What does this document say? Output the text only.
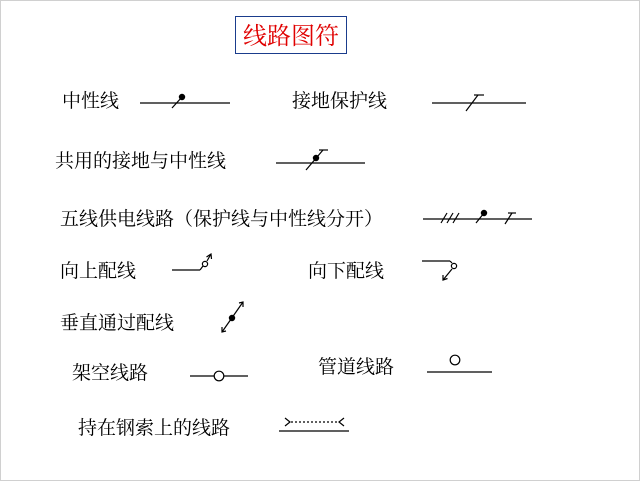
线路图符
中性线	接地保护线
共用的接地与中性线
五线供电线路（保护线与中性线分开）
向上配线	向下配线
垂直通过配线
架空线路	管道线路
持在钢索上的线路
